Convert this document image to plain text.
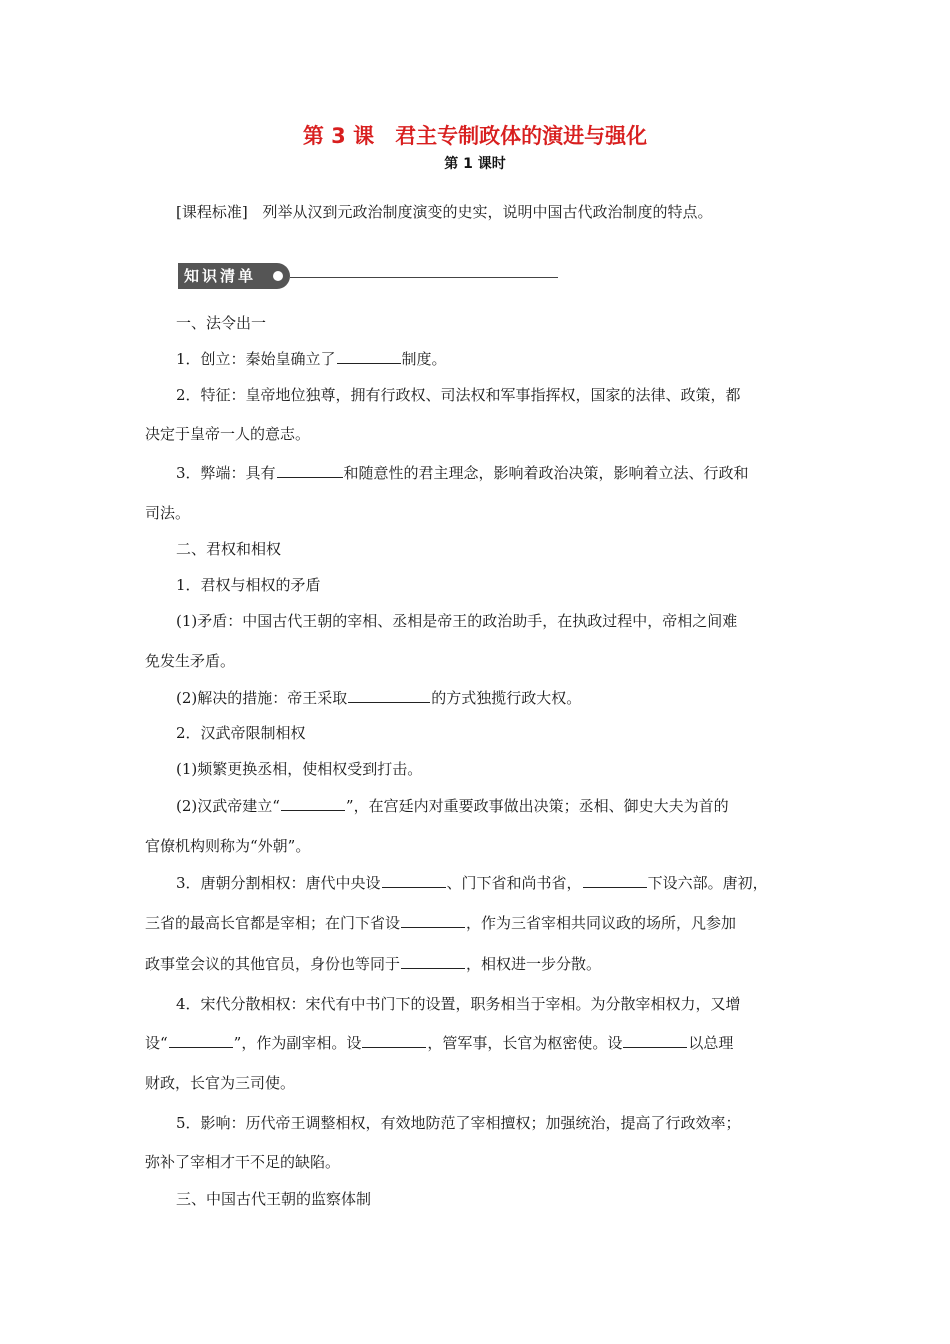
第 3 课　君主专制政体的演进与强化
第 1 课时
[课程标准] 列举从汉到元政治制度演变的史实，说明中国古代政治制度的特点。
知识清单
一、法令出一
1．创立：秦始皇确立了	制度。
2．特征：皇帝地位独尊，拥有行政权、司法权和军事指挥权，国家的法律、政策，都
决定于皇帝一人的意志。
3．弊端：具有	和随意性的君主理念，影响着政治决策，影响着立法、行政和
司法。
二、君权和相权
1．君权与相权的矛盾
(1)矛盾：中国古代王朝的宰相、丞相是帝王的政治助手，在执政过程中，帝相之间难
免发生矛盾。
(2)解决的措施：帝王采取	的方式独揽行政大权。
2．汉武帝限制相权
(1)频繁更换丞相，使相权受到打击。
(2)汉武帝建立“	”，在宫廷内对重要政事做出决策；丞相、御史大夫为首的
官僚机构则称为“外朝”。
3．唐朝分割相权：唐代中央设	、门下省和尚书省，	下设六部。唐初，
三省的最高长官都是宰相；在门下省设	，作为三省宰相共同议政的场所，凡参加
政事堂会议的其他官员，身份也等同于	，相权进一步分散。
4．宋代分散相权：宋代有中书门下的设置，职务相当于宰相。为分散宰相权力，又增
设“	”，作为副宰相。设	，管军事，长官为枢密使。设	以总理
财政，长官为三司使。
5．影响：历代帝王调整相权，有效地防范了宰相擅权；加强统治，提高了行政效率；
弥补了宰相才干不足的缺陷。
三、中国古代王朝的监察体制
